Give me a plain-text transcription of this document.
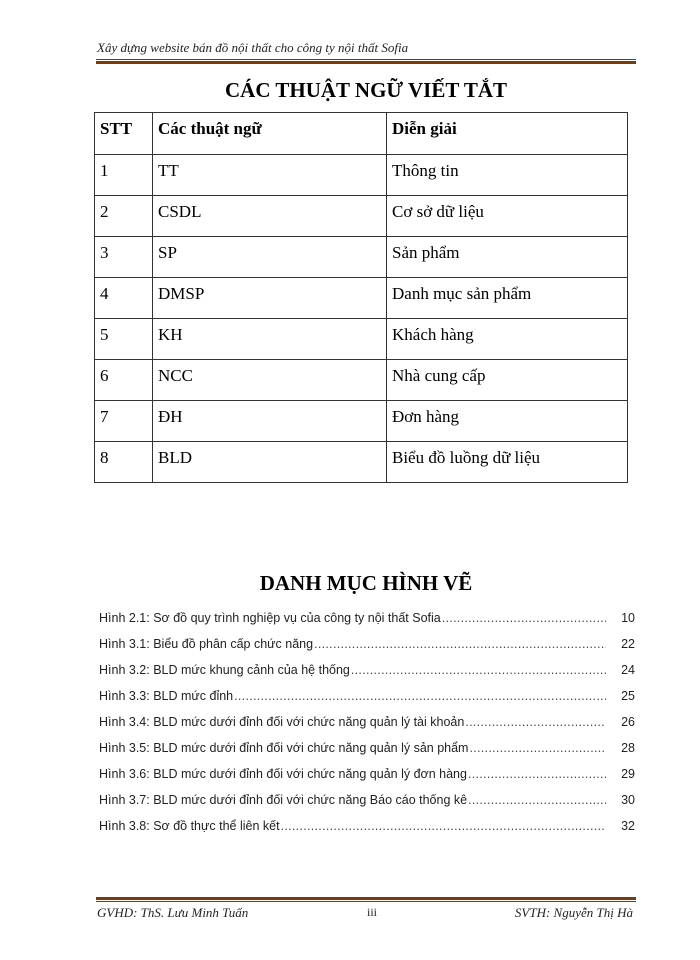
Xây dựng website bán đồ nội thất cho công ty nội thất Sofia
CÁC THUẬT NGỮ VIẾT TẮT
STT	Các thuật ngữ	Diễn giải
1	TT	Thông tin
2	CSDL	Cơ sở dữ liệu
3	SP	Sản phẩm
4	DMSP	Danh mục sản phẩm
5	KH	Khách hàng
6	NCC	Nhà cung cấp
7	ĐH	Đơn hàng
8	BLD	Biểu đồ luồng dữ liệu
DANH MỤC HÌNH VẼ
Hình 2.1: Sơ đồ quy trình nghiệp vụ của công ty nội thất Sofia .....	10
Hình 3.1: Biểu đồ phân cấp chức năng .....	22
Hình 3.2: BLD mức khung cảnh của hệ thống .....	24
Hình 3.3: BLD mức đỉnh .....	25
Hình 3.4: BLD mức dưới đỉnh đối với chức năng quản lý tài khoản .....	26
Hình 3.5: BLD mức dưới đỉnh đối với chức năng quản lý sản phẩm .....	28
Hình 3.6: BLD mức dưới đỉnh đối với chức năng quản lý đơn hàng .....	29
Hình 3.7: BLD mức dưới đỉnh đối với chức năng Báo cáo thống kê .....	30
Hình 3.8: Sơ đồ thực thể liên kết .....	32
GVHD: ThS. Lưu Minh Tuấn	iii	SVTH: Nguyễn Thị Hà
